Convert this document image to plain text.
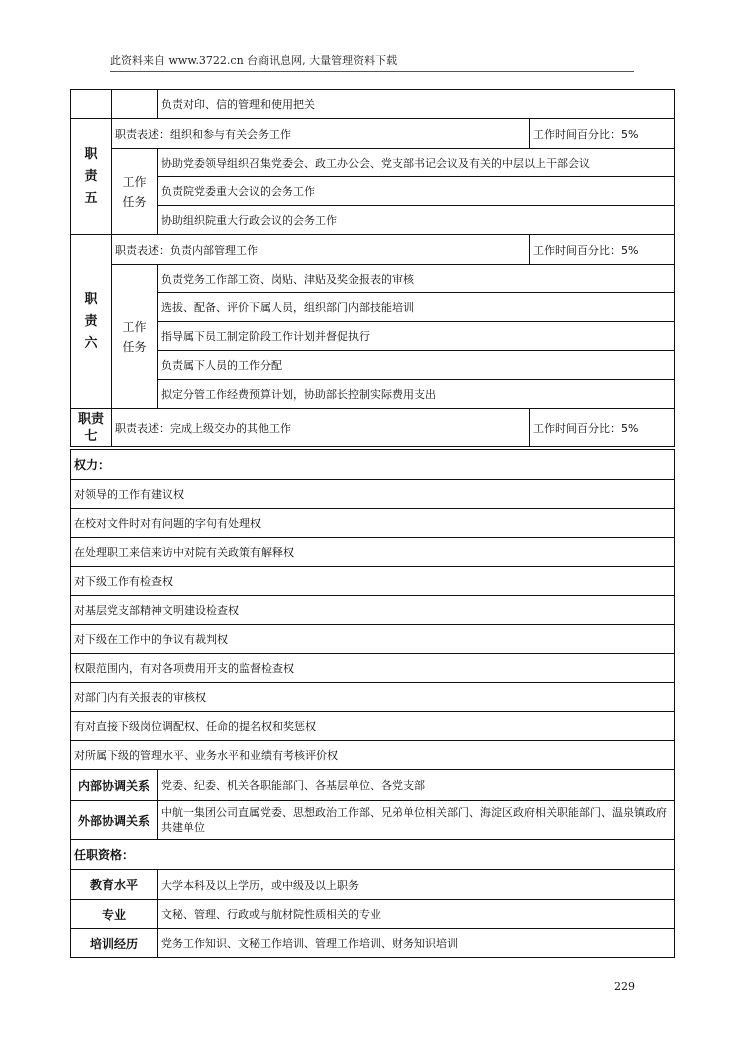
此资料来自 www.3722.cn 台商讯息网, 大量管理资料下载
		负责对印、信的管理和使用把关	
职
责
五	职责表述：组织和参与有关会务工作		工作时间百分比：5%
	工作
任务	协助党委领导组织召集党委会、政工办公会、党支部书记会议及有关的中层以上干部会议	
		负责院党委重大会议的会务工作	
		协助组织院重大行政会议的会务工作	
职
责
六	职责表述：负责内部管理工作		工作时间百分比：5%
	工作
任务	负责党务工作部工资、岗贴、津贴及奖金报表的审核	
		选拔、配备、评价下属人员，组织部门内部技能培训	
		指导属下员工制定阶段工作计划并督促执行	
		负责属下人员的工作分配	
		拟定分管工作经费预算计划，协助部长控制实际费用支出	
职责
七	职责表述：完成上级交办的其他工作		工作时间百分比：5%
权力：	
对领导的工作有建议权	
在校对文件时对有问题的字句有处理权	
在处理职工来信来访中对院有关政策有解释权	
对下级工作有检查权	
对基层党支部精神文明建设检查权	
对下级在工作中的争议有裁判权	
权限范围内，有对各项费用开支的监督检查权	
对部门内有关报表的审核权	
有对直接下级岗位调配权、任命的提名权和奖惩权	
对所属下级的管理水平、业务水平和业绩有考核评价权	
内部协调关系	党委、纪委、机关各职能部门、各基层单位、各党支部
外部协调关系	中航一集团公司直属党委、思想政治工作部、兄弟单位相关部门、海淀区政府相关职能部门、温泉镇政府共建单位
任职资格：	
教育水平	大学本科及以上学历，或中级及以上职务
专业	文秘、管理、行政或与航材院性质相关的专业
培训经历	党务工作知识、文秘工作培训、管理工作培训、财务知识培训
229
